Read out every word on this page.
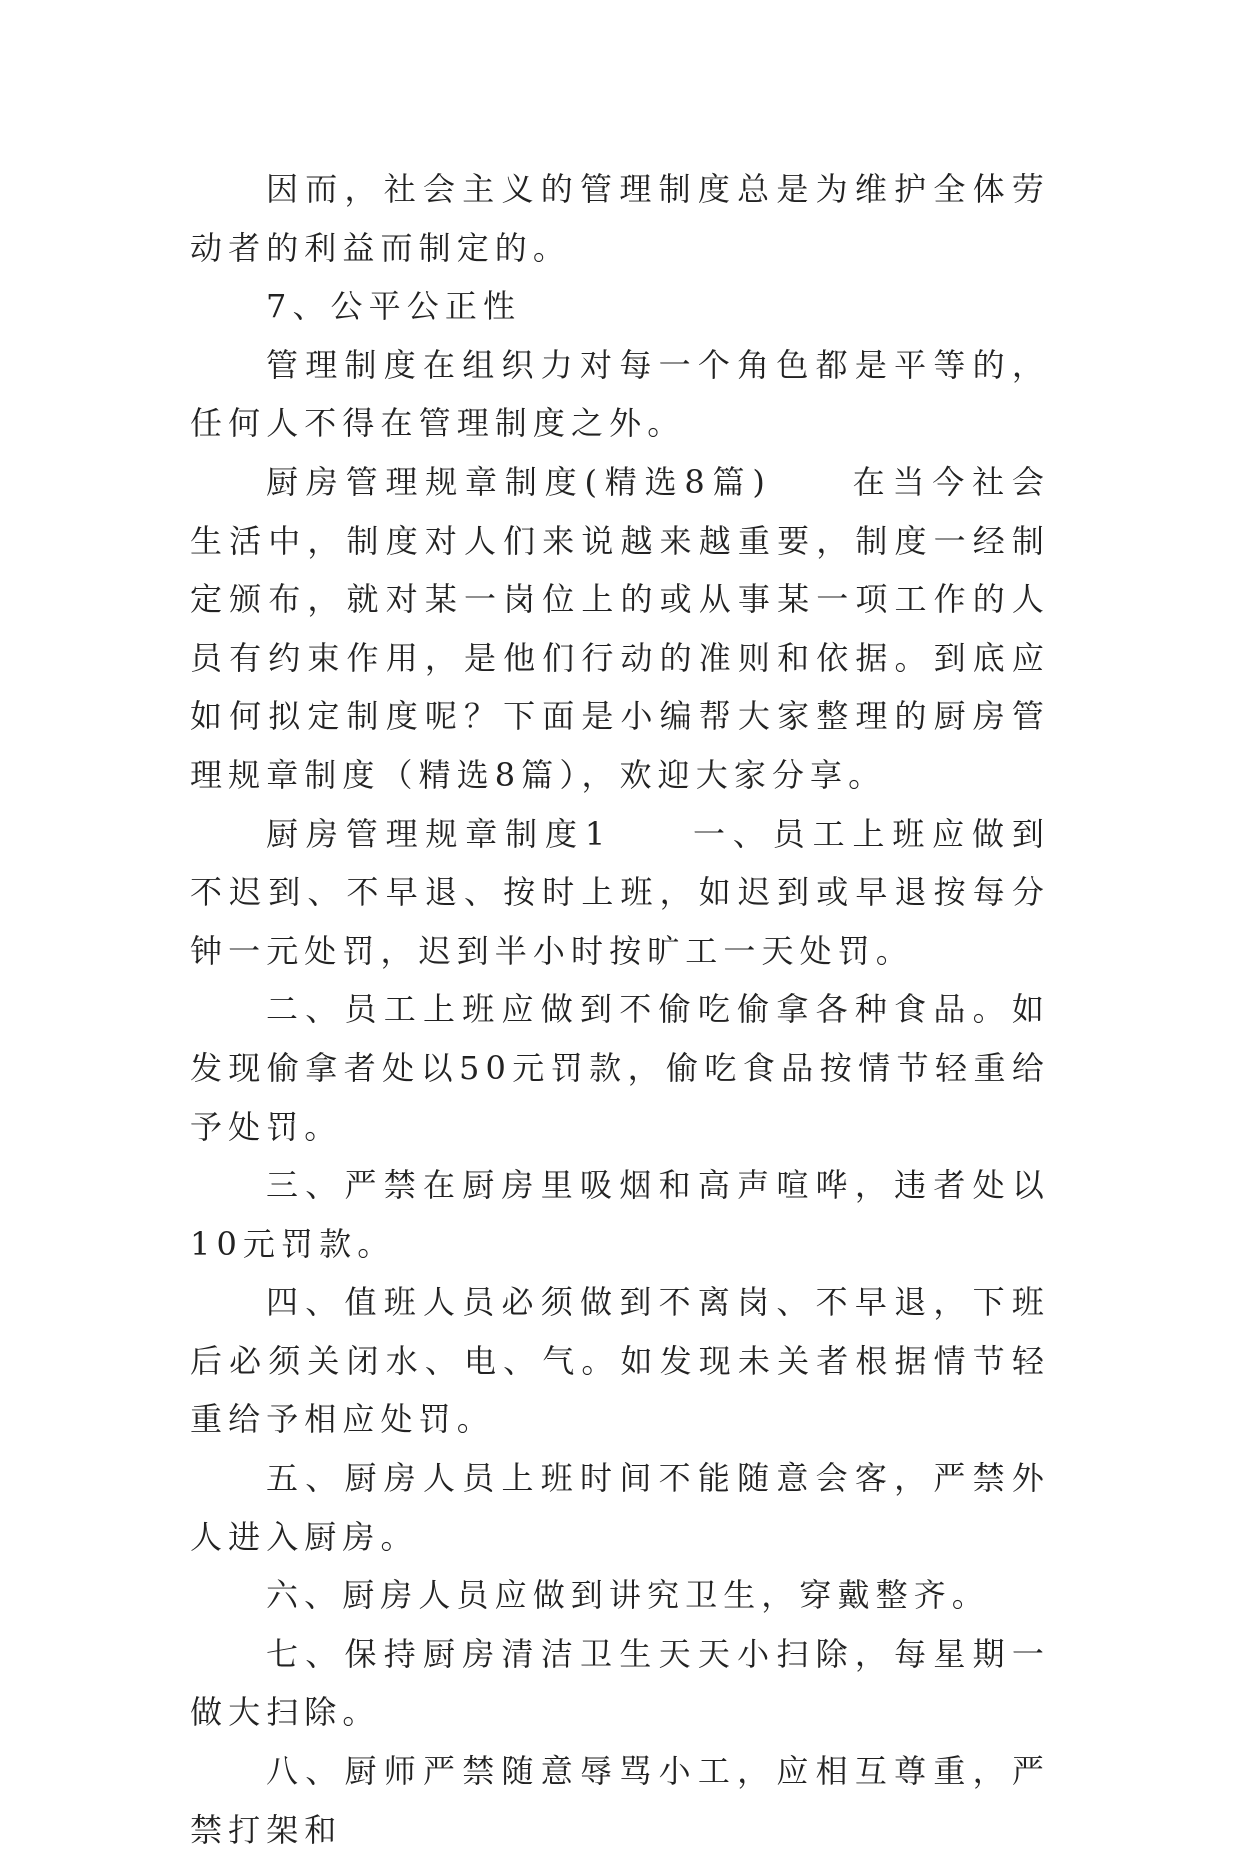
因而，社会主义的管理制度总是为维护全体劳动者的利益而制定的。

7、公平公正性

管理制度在组织力对每一个角色都是平等的，任何人不得在管理制度之外。

厨房管理规章制度(精选8篇)	在当今社会生活中，制度对人们来说越来越重要，制度一经制定颁布，就对某一岗位上的或从事某一项工作的人员有约束作用，是他们行动的准则和依据。到底应如何拟定制度呢？下面是小编帮大家整理的厨房管理规章制度（精选8篇），欢迎大家分享。

厨房管理规章制度1	一、员工上班应做到不迟到、不早退、按时上班，如迟到或早退按每分钟一元处罚，迟到半小时按旷工一天处罚。

二、员工上班应做到不偷吃偷拿各种食品。如发现偷拿者处以50元罚款，偷吃食品按情节轻重给予处罚。

三、严禁在厨房里吸烟和高声喧哗，违者处以10元罚款。

四、值班人员必须做到不离岗、不早退，下班后必须关闭水、电、气。如发现未关者根据情节轻重给予相应处罚。

五、厨房人员上班时间不能随意会客，严禁外人进入厨房。

六、厨房人员应做到讲究卫生，穿戴整齐。

七、保持厨房清洁卫生天天小扫除，每星期一做大扫除。

八、厨师严禁随意辱骂小工，应相互尊重，严禁打架和
